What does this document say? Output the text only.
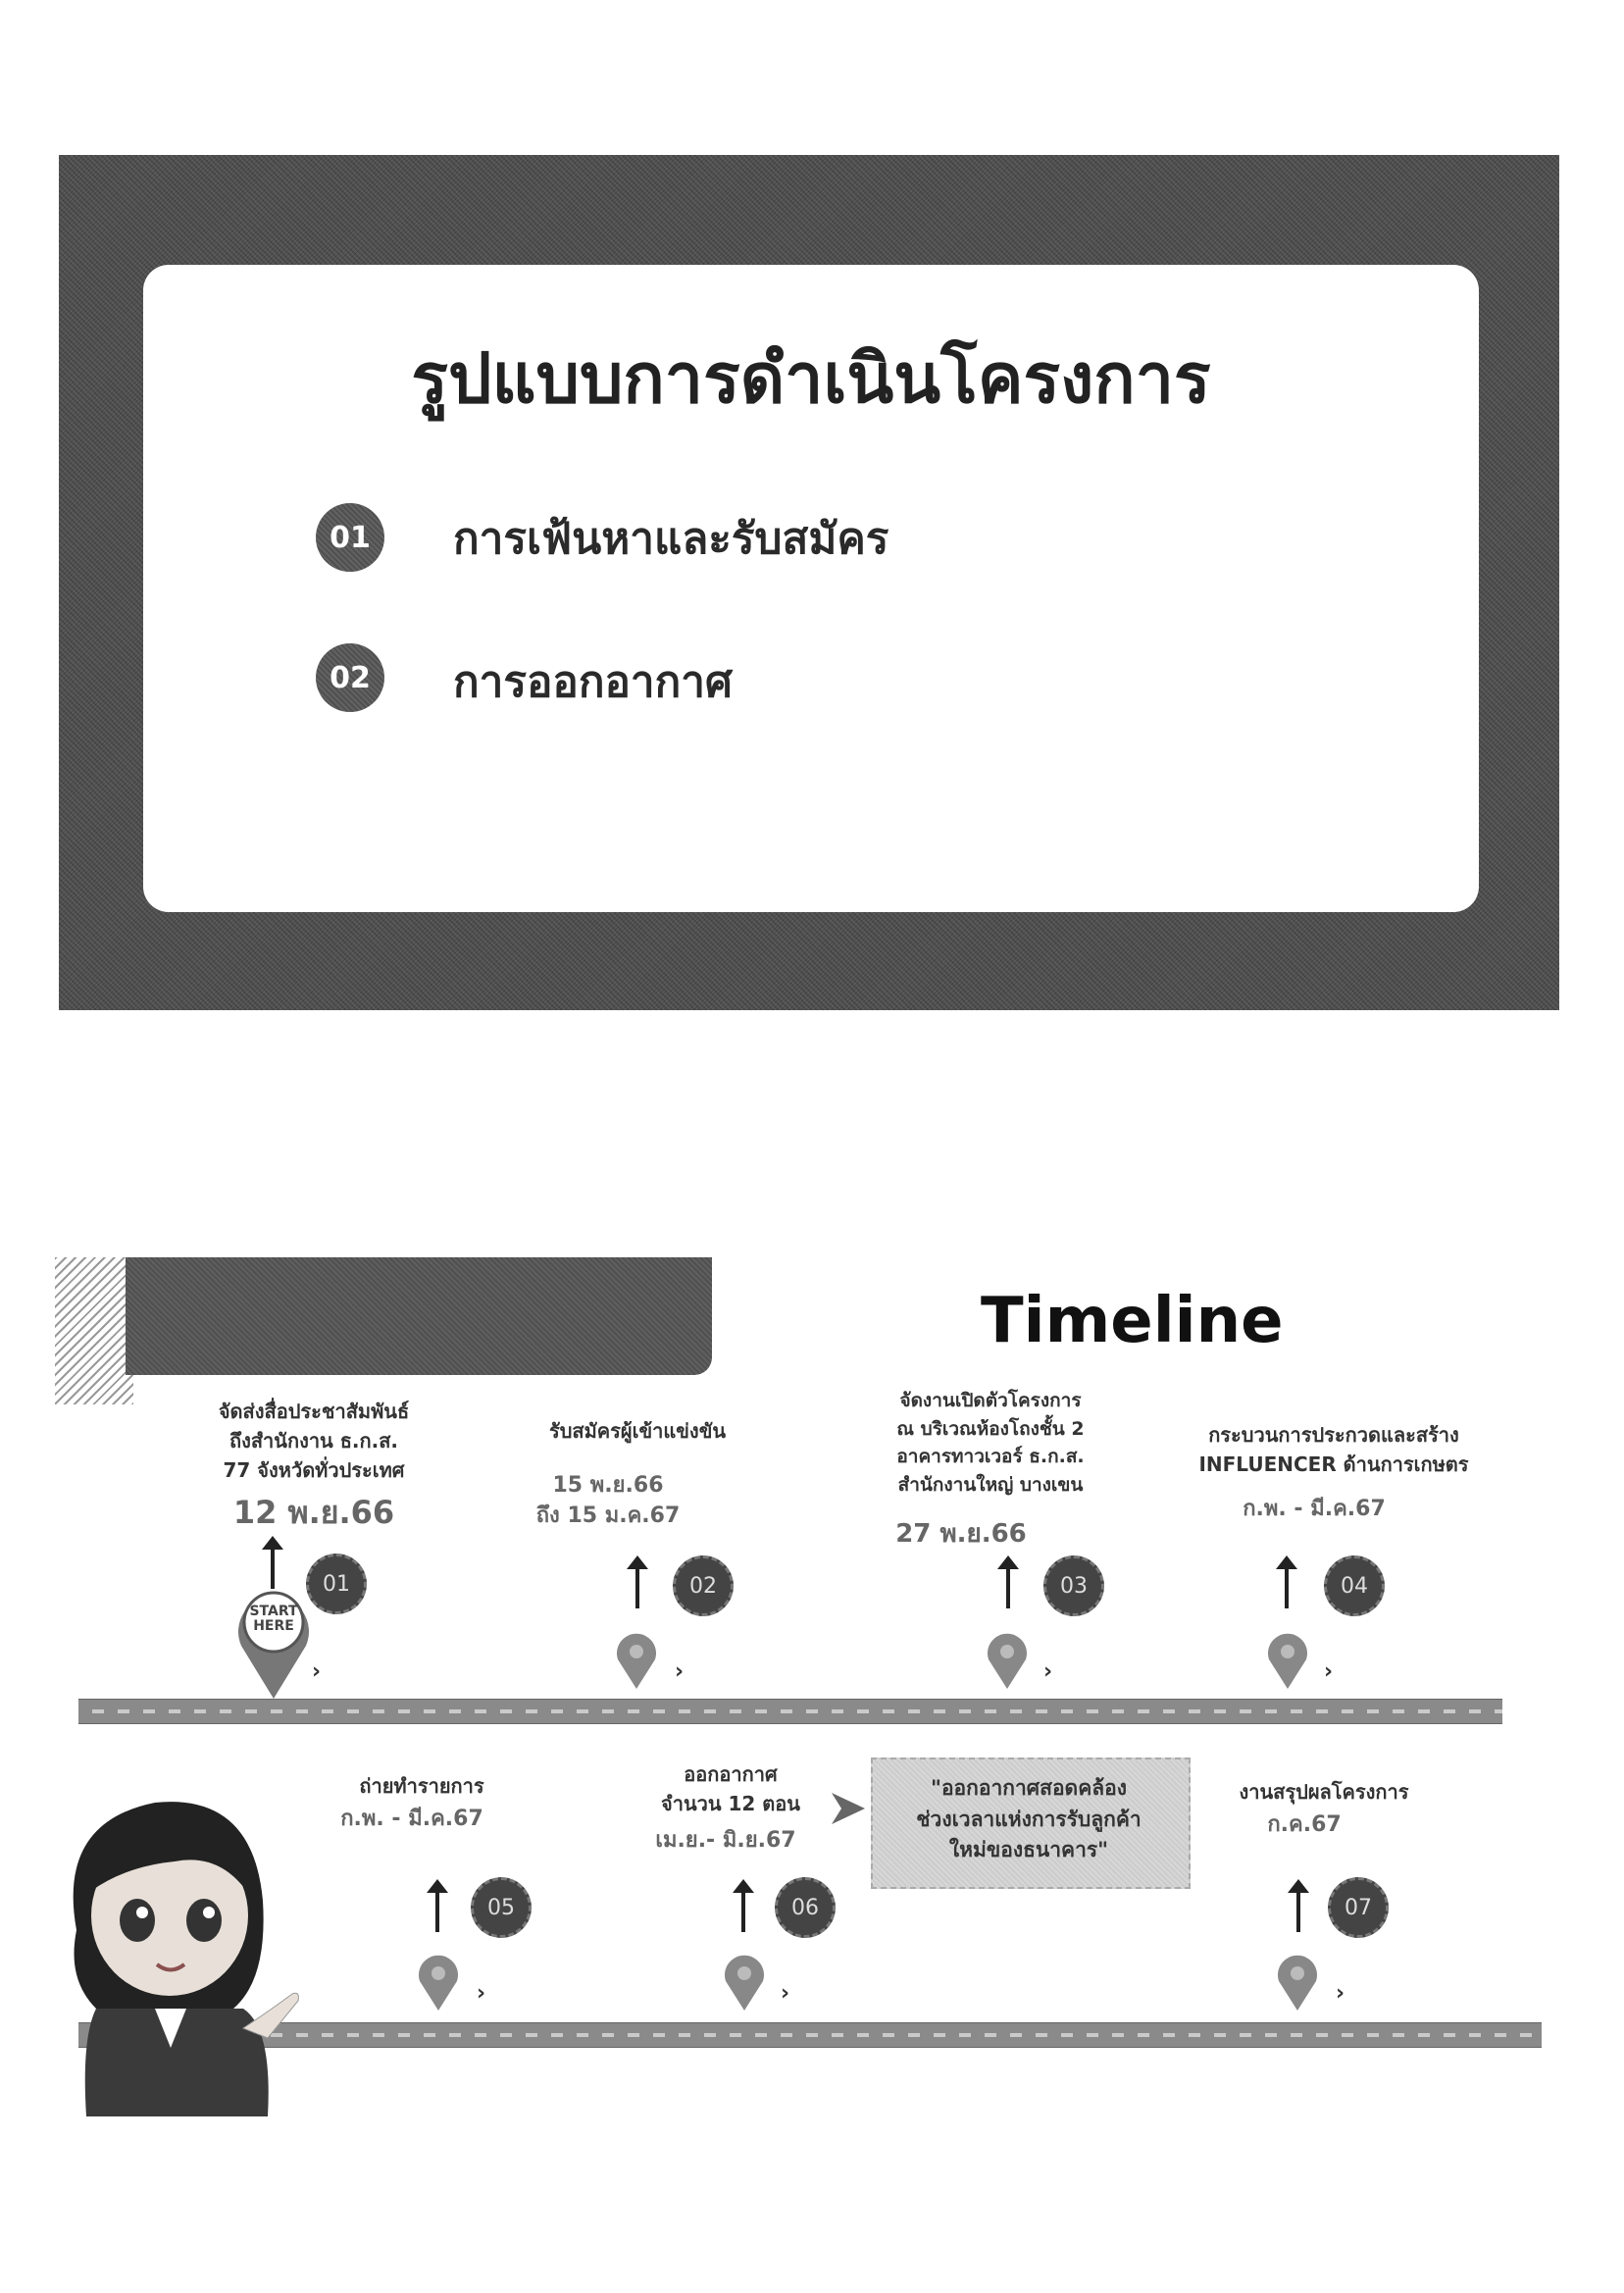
รูปแบบการดำเนินโครงการ
01	การเฟ้นหาและรับสมัคร
02	การออกอากาศ
Timeline
จัดส่งสื่อประชาสัมพันธ์
ถึงสำนักงาน ธ.ก.ส.
77 จังหวัดทั่วประเทศ
12 พ.ย.66
01
START HERE
›
รับสมัครผู้เข้าแข่งขัน
15 พ.ย.66
ถึง 15 ม.ค.67
02
›
จัดงานเปิดตัวโครงการ
ณ บริเวณห้องโถงชั้น 2
อาคารทาวเวอร์ ธ.ก.ส.
สำนักงานใหญ่ บางเขน
27 พ.ย.66
03
›
กระบวนการประกวดและสร้าง
INFLUENCER ด้านการเกษตร
ก.พ. - มี.ค.67
04
›
ถ่ายทำรายการ
ก.พ. - มี.ค.67
05
›
ออกอากาศ
จำนวน 12 ตอน
เม.ย.- มิ.ย.67
06
›
"ออกอากาศสอดคล้อง
ช่วงเวลาแห่งการรับลูกค้า
ใหม่ของธนาคาร"
งานสรุปผลโครงการ
ก.ค.67
07
›
